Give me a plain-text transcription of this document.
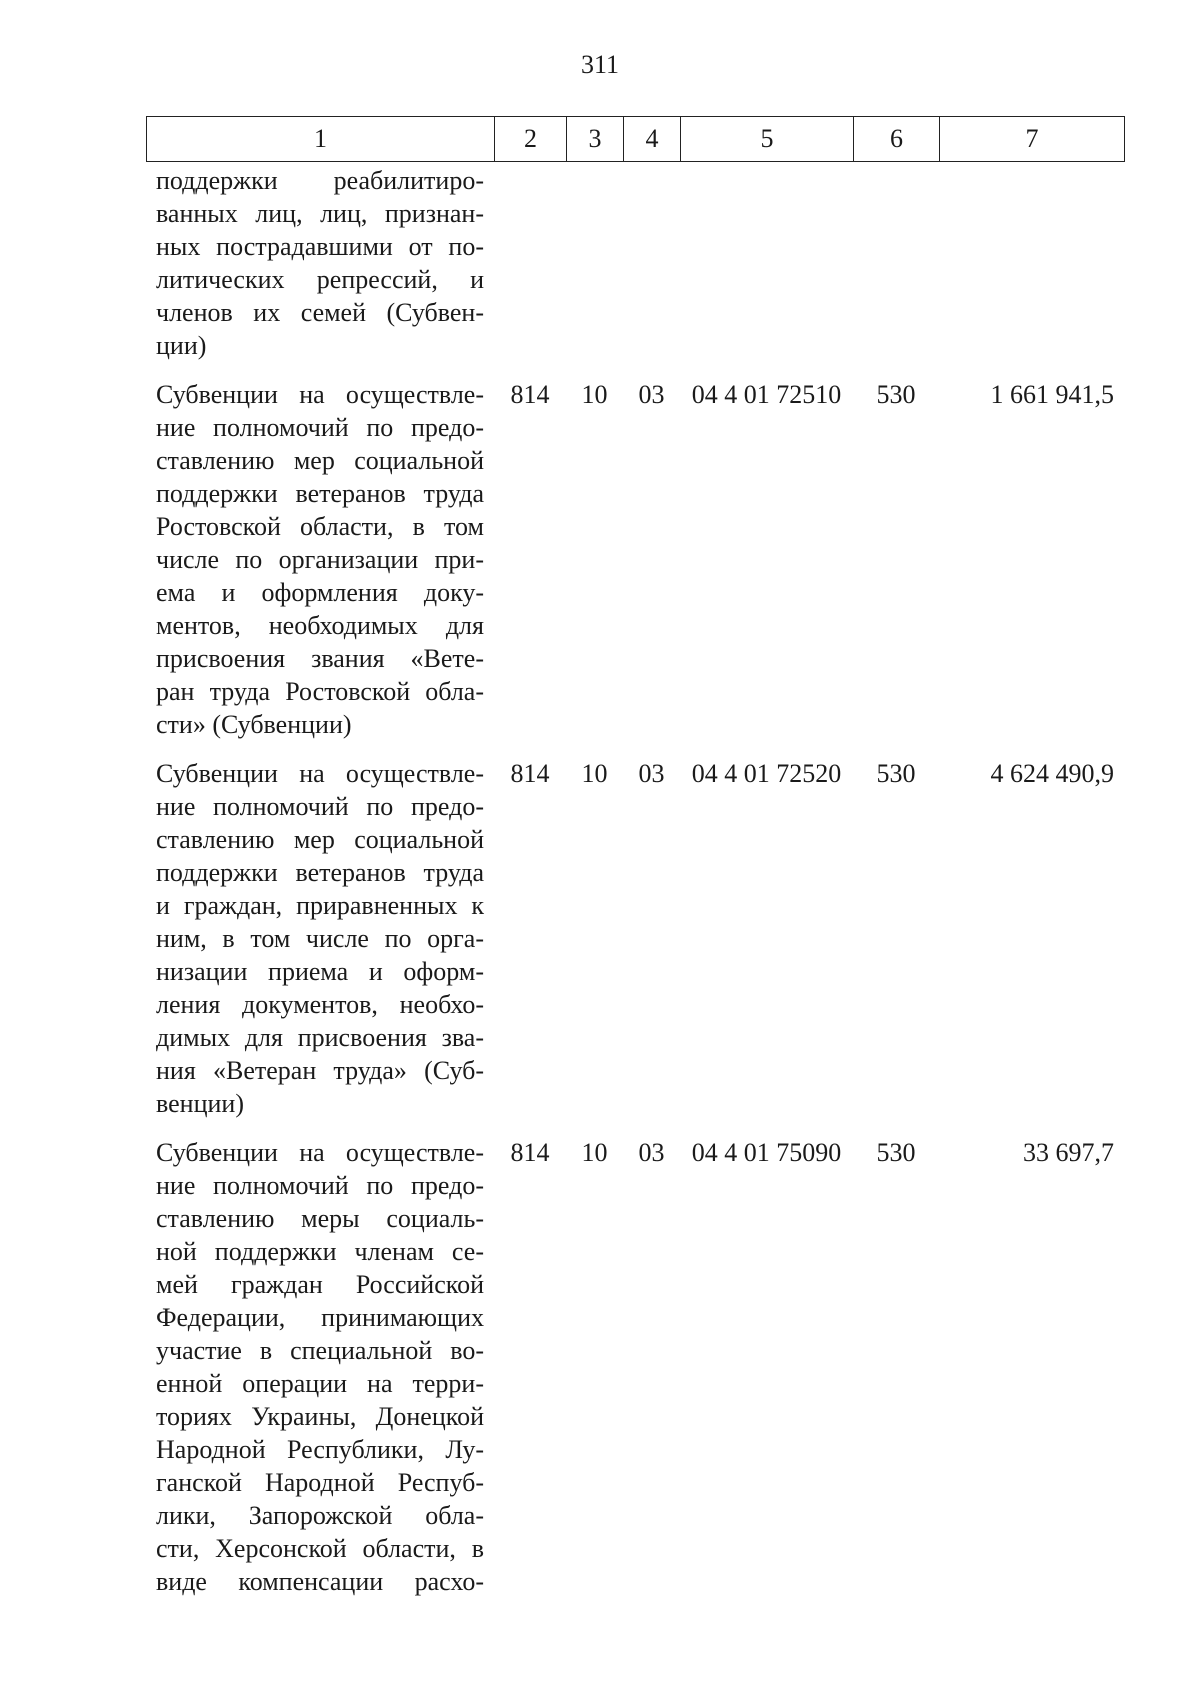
311
1	2	3	4	5	6	7
поддержки реабилитиро-
ванных лиц, лиц, признан-
ных пострадавшими от по-
литических репрессий, и
членов их семей (Субвен-
ции)
Субвенции на осуществле-
ние полномочий по предо-
ставлению мер социальной
поддержки ветеранов труда
Ростовской области, в том
числе по организации при-
ема и оформления доку-
ментов, необходимых для
присвоения звания «Вете-
ран труда Ростовской обла-
сти» (Субвенции)
814	10	03	04 4 01 72510	530	1 661 941,5
Субвенции на осуществле-
ние полномочий по предо-
ставлению мер социальной
поддержки ветеранов труда
и граждан, приравненных к
ним, в том числе по орга-
низации приема и оформ-
ления документов, необхо-
димых для присвоения зва-
ния «Ветеран труда» (Суб-
венции)
814	10	03	04 4 01 72520	530	4 624 490,9
Субвенции на осуществле-
ние полномочий по предо-
ставлению меры социаль-
ной поддержки членам се-
мей граждан Российской
Федерации, принимающих
участие в специальной во-
енной операции на терри-
ториях Украины, Донецкой
Народной Республики, Лу-
ганской Народной Респуб-
лики, Запорожской обла-
сти, Херсонской области, в
виде компенсации расхо-
814	10	03	04 4 01 75090	530	33 697,7
